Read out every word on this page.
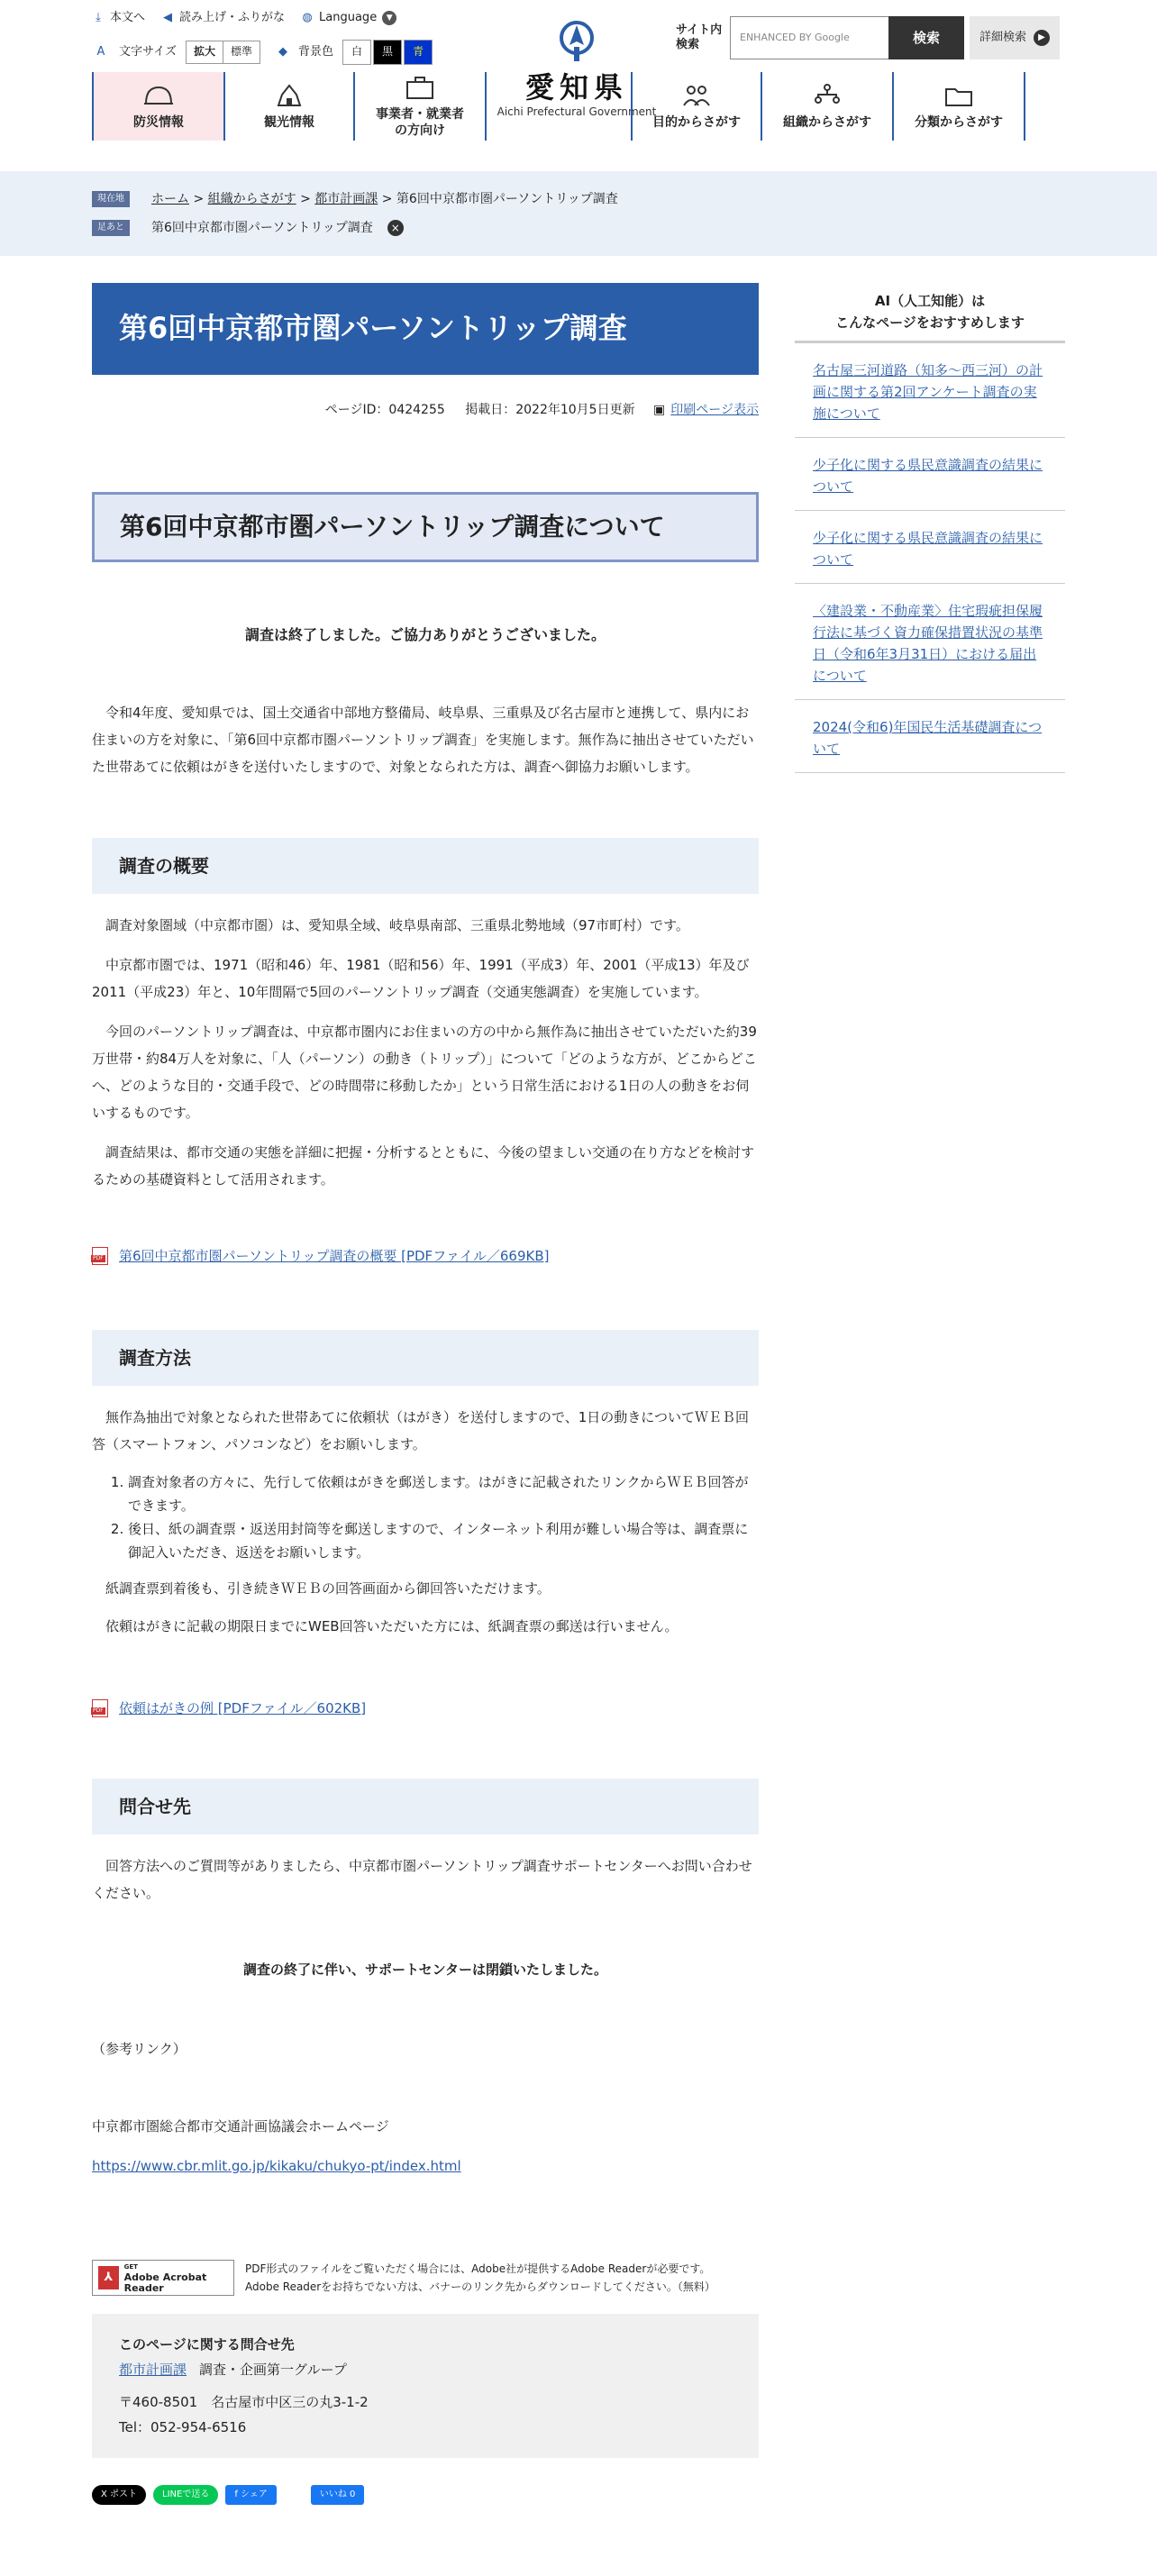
⤓ 本文へ ◀ 読み上げ・ふりがな ◍ Language	▼
A	文字サイズ	拡大	標準	◆ 背景色	白	黒	青
愛知県
Aichi Prefectural Government
サイト内検索
ENHANCED BY Google	検索	詳細検索	▶
防災情報	観光情報
事業者・就業者の方向け
目的からさがす	組織からさがす	分類からさがす
現在地	ホーム > 組織からさがす > 都市計画課 > 第6回中京都市圏パーソントリップ調査
足あと	第6回中京都市圏パーソントリップ調査	×
第6回中京都市圏パーソントリップ調査
ページID：0424255 掲載日：2022年10月5日更新 ▣ 印刷ページ表示
第6回中京都市圏パーソントリップ調査について
調査は終了しました。ご協力ありがとうございました。

令和4年度、愛知県では、国土交通省中部地方整備局、岐阜県、三重県及び名古屋市と連携して、県内にお住まいの方を対象に、「第6回中京都市圏パーソントリップ調査」を実施します。無作為に抽出させていただいた世帯あてに依頼はがきを送付いたしますので、対象となられた方は、調査へ御協力お願いします。

調査の概要

調査対象圏域（中京都市圏）は、愛知県全域、岐阜県南部、三重県北勢地域（97市町村）です。

中京都市圏では、1971（昭和46）年、1981（昭和56）年、1991（平成3）年、2001（平成13）年及び2011（平成23）年と、10年間隔で5回のパーソントリップ調査（交通実態調査）を実施しています。

今回のパーソントリップ調査は、中京都市圏内にお住まいの方の中から無作為に抽出させていただいた約39万世帯・約84万人を対象に、「人（パーソン）の動き（トリップ）」について「どのような方が、どこからどこへ、どのような目的・交通手段で、どの時間帯に移動したか」という日常生活における1日の人の動きをお伺いするものです。

調査結果は、都市交通の実態を詳細に把握・分析するとともに、今後の望ましい交通の在り方などを検討するための基礎資料として活用されます。

PDF
第6回中京都市圏パーソントリップ調査の概要 [PDFファイル／669KB]
調査方法

無作為抽出で対象となられた世帯あてに依頼状（はがき）を送付しますので、1日の動きについてＷＥＢ回答（スマートフォン、パソコンなど）をお願いします。

1. 調査対象者の方々に、先行して依頼はがきを郵送します。はがきに記載されたリンクからＷＥＢ回答ができます。
2. 後日、紙の調査票・返送用封筒等を郵送しますので、インターネット利用が難しい場合等は、調査票に御記入いただき、返送をお願いします。

紙調査票到着後も、引き続きＷＥＢの回答画面から御回答いただけます。

依頼はがきに記載の期限日までにWEB回答いただいた方には、紙調査票の郵送は行いません。

PDF
依頼はがきの例 [PDFファイル／602KB]
問合せ先

回答方法へのご質問等がありましたら、中京都市圏パーソントリップ調査サポートセンターへお問い合わせください。

調査の終了に伴い、サポートセンターは閉鎖いたしました。

（参考リンク）

中京都市圏総合都市交通計画協議会ホームページ

https://www.cbr.mlit.go.jp/kikaku/chukyo-pt/index.html

⅄
GET
Adobe Acrobat Reader
PDF形式のファイルをご覧いただく場合には、Adobe社が提供するAdobe Readerが必要です。
Adobe Readerをお持ちでない方は、バナーのリンク先からダウンロードしてください。（無料）
このページに関する問合せ先
都市計画課 調査・企画第一グループ
〒460-8501　名古屋市中区三の丸3-1-2
Tel：052-954-6516
X ポスト	LINEで送る	f シェア	いいね 0
AI（人工知能）は
こんなページをおすすめします
名古屋三河道路（知多〜西三河）の計画に関する第2回アンケート調査の実施について
少子化に関する県民意識調査の結果について
少子化に関する県民意識調査の結果について
〈建設業・不動産業〉住宅瑕疵担保履行法に基づく資力確保措置状況の基準日（令和6年3月31日）における届出について
2024(令和6)年国民生活基礎調査について
